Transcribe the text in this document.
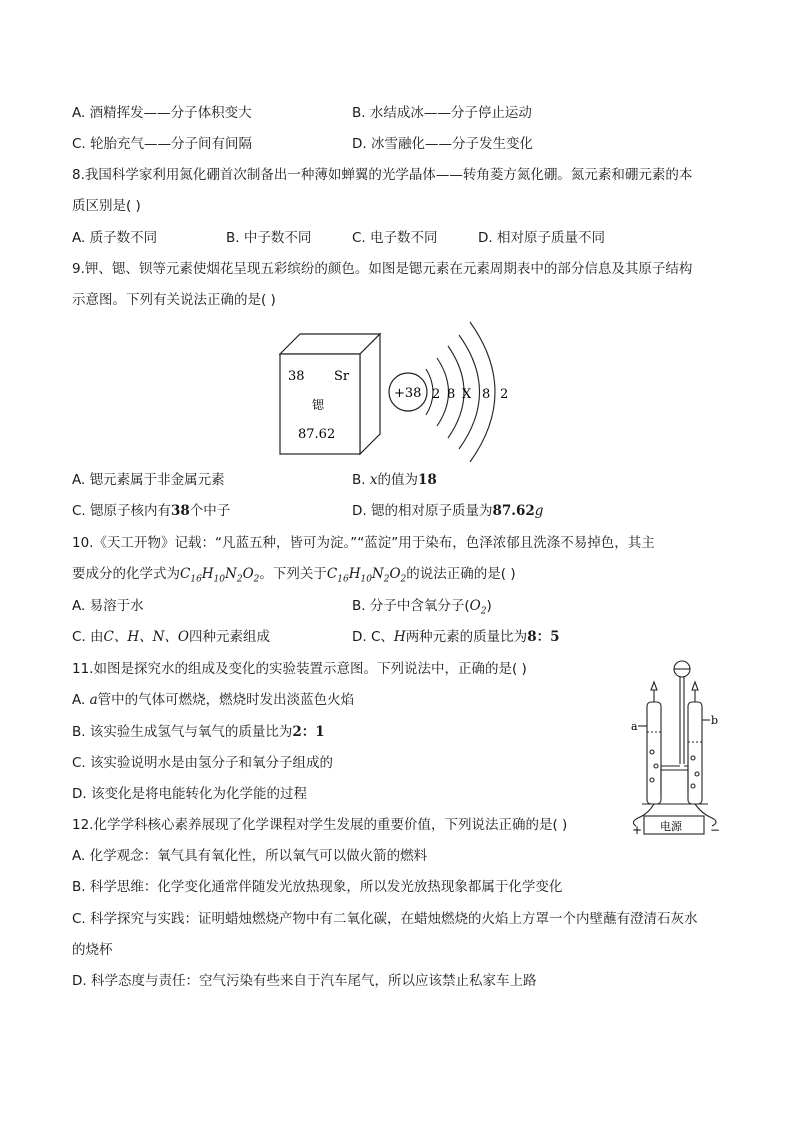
A. 酒精挥发——分子体积变大	B. 水结成冰——分子停止运动
C. 轮胎充气——分子间有间隔	D. 冰雪融化——分子发生变化
8.我国科学家利用氮化硼首次制备出一种薄如蝉翼的光学晶体——转角菱方氮化硼。氮元素和硼元素的本
质区别是( )
A. 质子数不同	B. 中子数不同	C. 电子数不同	D. 相对原子质量不同
9.钾、锶、钡等元素使烟花呈现五彩缤纷的颜色。如图是锶元素在元素周期表中的部分信息及其原子结构
示意图。下列有关说法正确的是( )
38 Sr
锶
87.62
+38 2 8 X 8 2
A. 锶元素属于非金属元素	B. x的值为18
C. 锶原子核内有38个中子	D. 锶的相对原子质量为87.62g
10.《天工开物》记载：“凡蓝五种，皆可为淀。”“蓝淀”用于染布，色泽浓郁且洗涤不易掉色，其主
要成分的化学式为$C_{16}H_{10}N_2O_2$。下列关于$C_{16}H_{10}N_2O_2$的说法正确的是( )
A. 易溶于水	B. 分子中含氧分子$(O_2)$
C. 由C、H、N、O四种元素组成	D. C、H两种元素的质量比为8：5
11.如图是探究水的组成及变化的实验装置示意图。下列说法中，正确的是( )
A. a管中的气体可燃烧，燃烧时发出淡蓝色火焰
B. 该实验生成氢气与氧气的质量比为2：1
C. 该实验说明水是由氢分子和氧分子组成的
D. 该变化是将电能转化为化学能的过程
a	b
电源
+	−
12.化学学科核心素养展现了化学课程对学生发展的重要价值，下列说法正确的是( )
A. 化学观念：氧气具有氧化性，所以氧气可以做火箭的燃料
B. 科学思维：化学变化通常伴随发光放热现象，所以发光放热现象都属于化学变化
C. 科学探究与实践：证明蜡烛燃烧产物中有二氧化碳，在蜡烛燃烧的火焰上方罩一个内壁蘸有澄清石灰水
的烧杯
D. 科学态度与责任：空气污染有些来自于汽车尾气，所以应该禁止私家车上路
